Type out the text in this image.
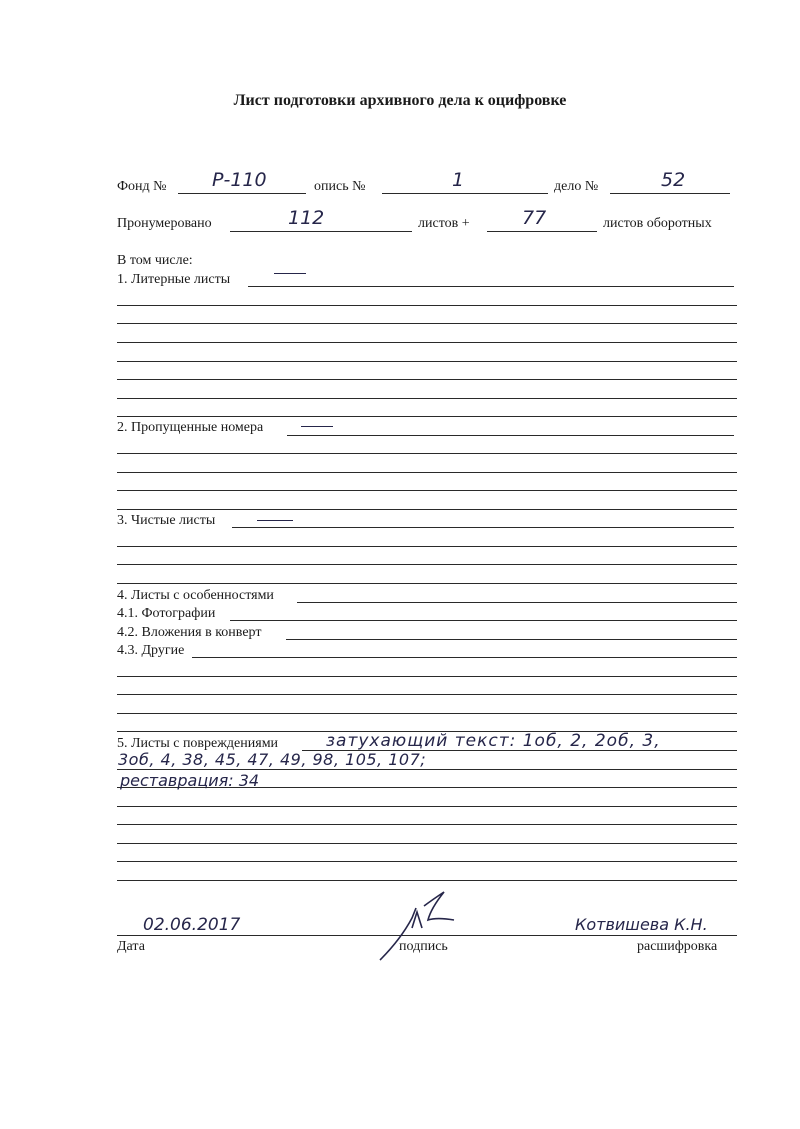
Лист подготовки архивного дела к оцифровке
Фонд № Р-110	опись №	1	дело №	52
Пронумеровано	112	листов +	77	листов оборотных
В том числе:
1. Литерные листы
2. Пропущенные номера
3. Чистые листы
4. Листы с особенностями
4.1. Фотографии
4.2. Вложения в конверт
4.3. Другие
5. Листы с повреждениями	затухающий текст: 1об, 2, 2об, 3,
3об, 4, 38, 45, 47, 49, 98, 105, 107;
реставрация: 34
02.06.2017	Котвишева К.Н.
Дата	подпись	расшифровка
